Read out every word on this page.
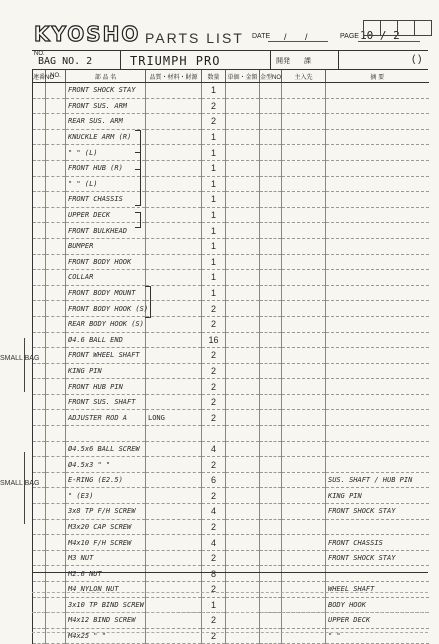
KYOSHO PARTS LIST DATE / /	PAGE 10 / 2
NO.
BAG NO. 2	TRIUMPH PRO	開発 課	( )
連番NO	NO.	部 品 名	品質・材料・財源	数量	単価・金額	金型NO	主入先	摘 要
		FRONT SHOCK STAY		1				
		FRONT SUS. ARM		2				
		REAR SUS. ARM		2				
		KNUCKLE ARM (R)		1				
		" " (L)		1				
		FRONT HUB (R)		1				
		" " (L)		1				
		FRONT CHASSIS		1				
		UPPER DECK		1				
		FRONT BULKHEAD		1				
		BUMPER		1				
		FRONT BODY HOOK		1				
		COLLAR		1				
		FRONT BODY MOUNT		1				
		FRONT BODY HOOK (S)		2				
		REAR BODY HOOK (S)		2				
		Ø4.6 BALL END		16				
		FRONT WHEEL SHAFT		2				
		KING PIN		2				
		FRONT HUB PIN		2				
		FRONT SUS. SHAFT		2				
		ADJUSTER ROD A	LONG	2				

		Ø4.5x6 BALL SCREW		4				
		Ø4.5x3 " "		2				
		E-RING (E2.5)		6				SUS. SHAFT / HUB PIN
		" (E3)		2				KING PIN
		3x8 TP F/H SCREW		4				FRONT SHOCK STAY
		M3x20 CAP SCREW		2				
		M4x10 F/H SCREW		4				FRONT CHASSIS
		M3 NUT		2				FRONT SHOCK STAY
		M2.6 NUT		8				
		M4 NYLON NUT		2				WHEEL SHAFT
		3x10 TP BIND SCREW		1				BODY HOOK
		M4x12 BIND SCREW		2				UPPER DECK
		M4x25 " "		2				" "
SMALL BAG
SMALL BAG
